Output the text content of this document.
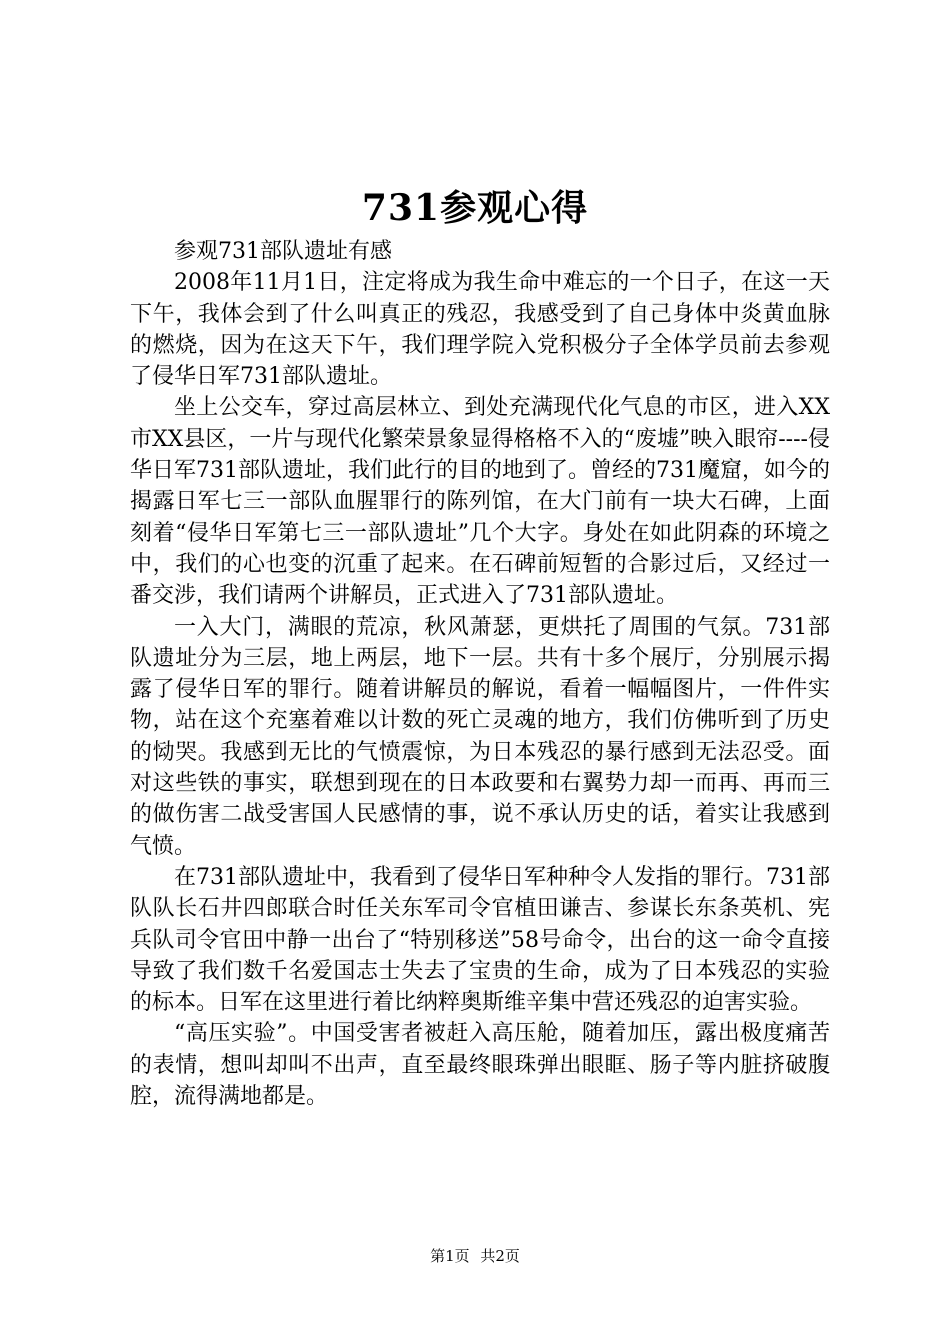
731参观心得

参观731部队遗址有感

2008年11月1日，注定将成为我生命中难忘的一个日子，在这一天下午，我体会到了什么叫真正的残忍，我感受到了自己身体中炎黄血脉的燃烧，因为在这天下午，我们理学院入党积极分子全体学员前去参观了侵华日军731部队遗址。

坐上公交车，穿过高层林立、到处充满现代化气息的市区，进入XX市XX县区，一片与现代化繁荣景象显得格格不入的“废墟”映入眼帘----侵华日军731部队遗址，我们此行的目的地到了。曾经的731魔窟，如今的揭露日军七三一部队血腥罪行的陈列馆，在大门前有一块大石碑，上面刻着“侵华日军第七三一部队遗址”几个大字。身处在如此阴森的环境之中，我们的心也变的沉重了起来。在石碑前短暂的合影过后，又经过一番交涉，我们请两个讲解员，正式进入了731部队遗址。

一入大门，满眼的荒凉，秋风萧瑟，更烘托了周围的气氛。731部队遗址分为三层，地上两层，地下一层。共有十多个展厅，分别展示揭露了侵华日军的罪行。随着讲解员的解说，看着一幅幅图片，一件件实物，站在这个充塞着难以计数的死亡灵魂的地方，我们仿佛听到了历史的恸哭。我感到无比的气愤震惊，为日本残忍的暴行感到无法忍受。面对这些铁的事实，联想到现在的日本政要和右翼势力却一而再、再而三的做伤害二战受害国人民感情的事，说不承认历史的话，着实让我感到气愤。

在731部队遗址中，我看到了侵华日军种种令人发指的罪行。731部队队长石井四郎联合时任关东军司令官植田谦吉、参谋长东条英机、宪兵队司令官田中静一出台了“特别移送”58号命令，出台的这一命令直接导致了我们数千名爱国志士失去了宝贵的生命，成为了日本残忍的实验的标本。日军在这里进行着比纳粹奥斯维辛集中营还残忍的迫害实验。

“高压实验”。中国受害者被赶入高压舱，随着加压，露出极度痛苦的表情，想叫却叫不出声，直至最终眼珠弹出眼眶、肠子等内脏挤破腹腔，流得满地都是。

第1页 共2页
